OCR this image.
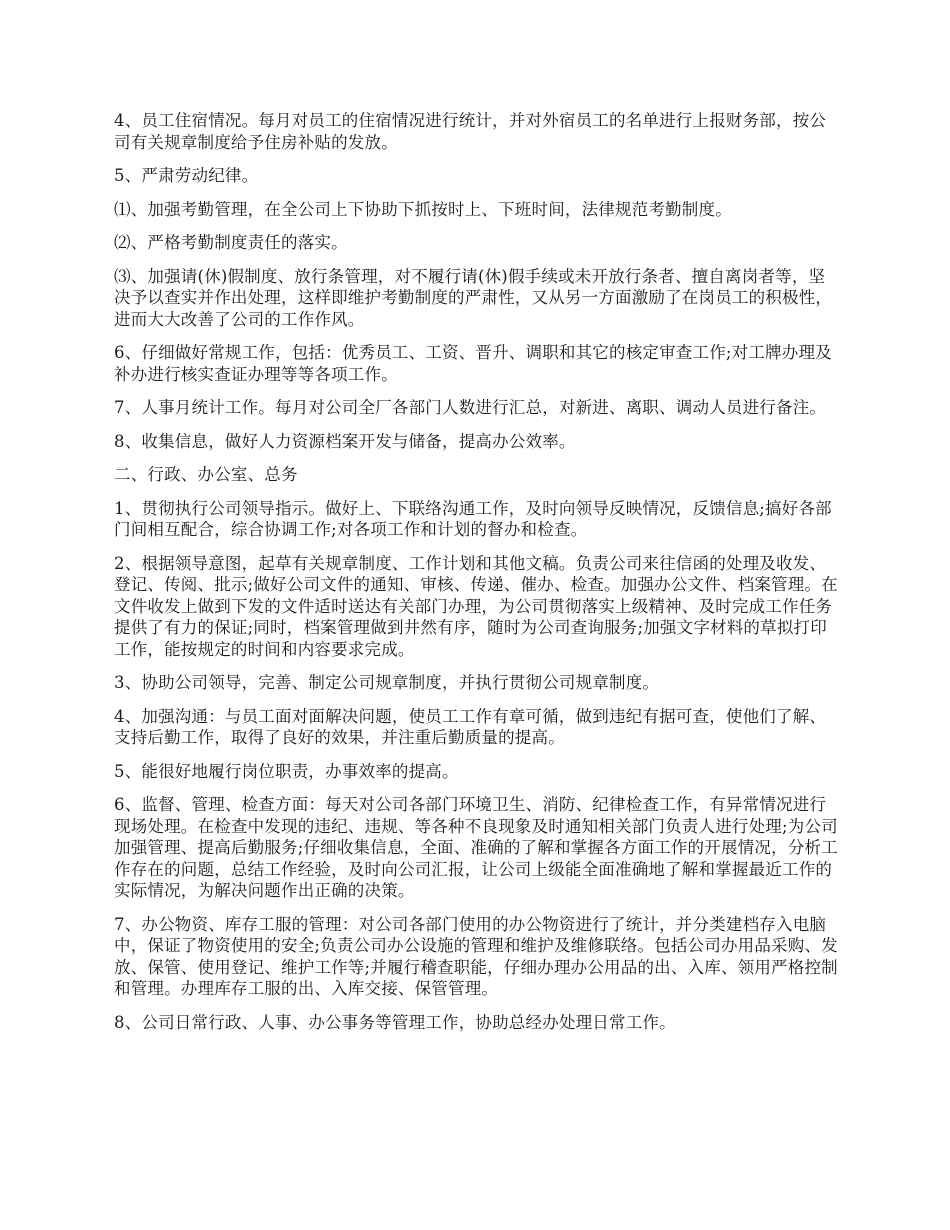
4、员工住宿情况。每月对员工的住宿情况进行统计，并对外宿员工的名单进行上报财务部，按公司有关规章制度给予住房补贴的发放。

5、严肃劳动纪律。

⑴、加强考勤管理，在全公司上下协助下抓按时上、下班时间，法律规范考勤制度。

⑵、严格考勤制度责任的落实。

⑶、加强请(休)假制度、放行条管理，对不履行请(休)假手续或未开放行条者、擅自离岗者等，坚决予以查实并作出处理，这样即维护考勤制度的严肃性，又从另一方面激励了在岗员工的积极性，进而大大改善了公司的工作作风。

6、仔细做好常规工作，包括：优秀员工、工资、晋升、调职和其它的核定审查工作;对工牌办理及补办进行核实查证办理等等各项工作。

7、人事月统计工作。每月对公司全厂各部门人数进行汇总，对新进、离职、调动人员进行备注。

8、收集信息，做好人力资源档案开发与储备，提高办公效率。

二、行政、办公室、总务

1、贯彻执行公司领导指示。做好上、下联络沟通工作，及时向领导反映情况，反馈信息;搞好各部门间相互配合，综合协调工作;对各项工作和计划的督办和检查。

2、根据领导意图，起草有关规章制度、工作计划和其他文稿。负责公司来往信函的处理及收发、登记、传阅、批示;做好公司文件的通知、审核、传递、催办、检查。加强办公文件、档案管理。在文件收发上做到下发的文件适时送达有关部门办理，为公司贯彻落实上级精神、及时完成工作任务提供了有力的保证;同时，档案管理做到井然有序，随时为公司查询服务;加强文字材料的草拟打印工作，能按规定的时间和内容要求完成。

3、协助公司领导，完善、制定公司规章制度，并执行贯彻公司规章制度。

4、加强沟通：与员工面对面解决问题，使员工工作有章可循，做到违纪有据可查，使他们了解、支持后勤工作，取得了良好的效果，并注重后勤质量的提高。

5、能很好地履行岗位职责，办事效率的提高。

6、监督、管理、检查方面：每天对公司各部门环境卫生、消防、纪律检查工作，有异常情况进行现场处理。在检查中发现的违纪、违规、等各种不良现象及时通知相关部门负责人进行处理;为公司加强管理、提高后勤服务;仔细收集信息，全面、准确的了解和掌握各方面工作的开展情况，分析工作存在的问题，总结工作经验，及时向公司汇报，让公司上级能全面准确地了解和掌握最近工作的实际情况，为解决问题作出正确的决策。

7、办公物资、库存工服的管理：对公司各部门使用的办公物资进行了统计，并分类建档存入电脑中，保证了物资使用的安全;负责公司办公设施的管理和维护及维修联络。包括公司办用品采购、发放、保管、使用登记、维护工作等;并履行稽查职能，仔细办理办公用品的出、入库、领用严格控制和管理。办理库存工服的出、入库交接、保管管理。

8、公司日常行政、人事、办公事务等管理工作，协助总经办处理日常工作。
